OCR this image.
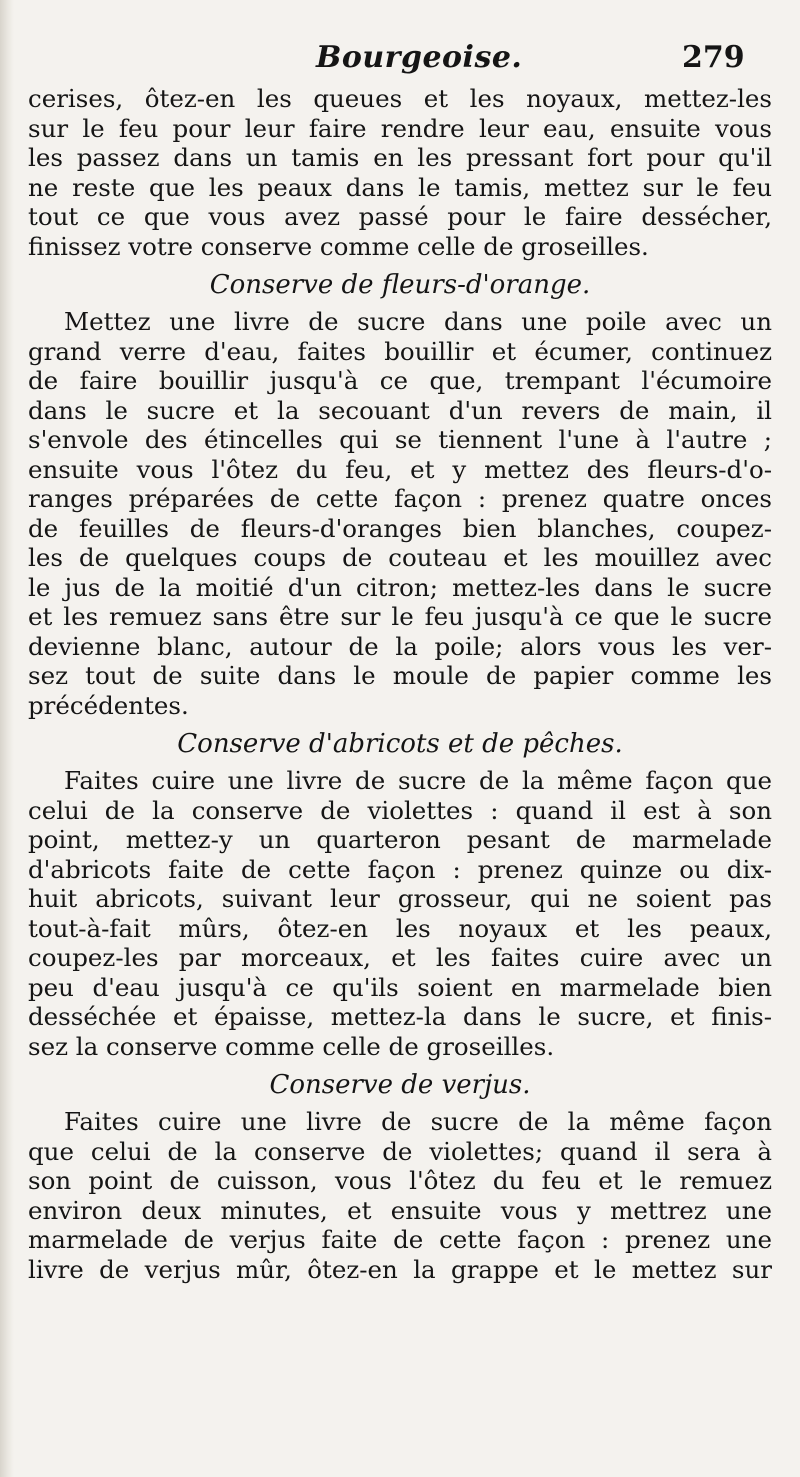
Bourgeoise.	279
cerises, ôtez-en les queues et les noyaux, mettez-les
sur le feu pour leur faire rendre leur eau, ensuite vous
les passez dans un tamis en les pressant fort pour qu'il
ne reste que les peaux dans le tamis, mettez sur le feu
tout ce que vous avez passé pour le faire dessécher,
finissez votre conserve comme celle de groseilles.
Conserve de fleurs-d'orange.
Mettez une livre de sucre dans une poile avec un
grand verre d'eau, faites bouillir et écumer, continuez
de faire bouillir jusqu'à ce que, trempant l'écumoire
dans le sucre et la secouant d'un revers de main, il
s'envole des étincelles qui se tiennent l'une à l'autre ;
ensuite vous l'ôtez du feu, et y mettez des fleurs-d'o-
ranges préparées de cette façon : prenez quatre onces
de feuilles de fleurs-d'oranges bien blanches, coupez-
les de quelques coups de couteau et les mouillez avec
le jus de la moitié d'un citron; mettez-les dans le sucre
et les remuez sans être sur le feu jusqu'à ce que le sucre
devienne blanc, autour de la poile; alors vous les ver-
sez tout de suite dans le moule de papier comme les
précédentes.
Conserve d'abricots et de pêches.
Faites cuire une livre de sucre de la même façon que
celui de la conserve de violettes : quand il est à son
point, mettez-y un quarteron pesant de marmelade
d'abricots faite de cette façon : prenez quinze ou dix-
huit abricots, suivant leur grosseur, qui ne soient pas
tout-à-fait mûrs, ôtez-en les noyaux et les peaux,
coupez-les par morceaux, et les faites cuire avec un
peu d'eau jusqu'à ce qu'ils soient en marmelade bien
desséchée et épaisse, mettez-la dans le sucre, et finis-
sez la conserve comme celle de groseilles.
Conserve de verjus.
Faites cuire une livre de sucre de la même façon
que celui de la conserve de violettes; quand il sera à
son point de cuisson, vous l'ôtez du feu et le remuez
environ deux minutes, et ensuite vous y mettrez une
marmelade de verjus faite de cette façon : prenez une
livre de verjus mûr, ôtez-en la grappe et le mettez sur
